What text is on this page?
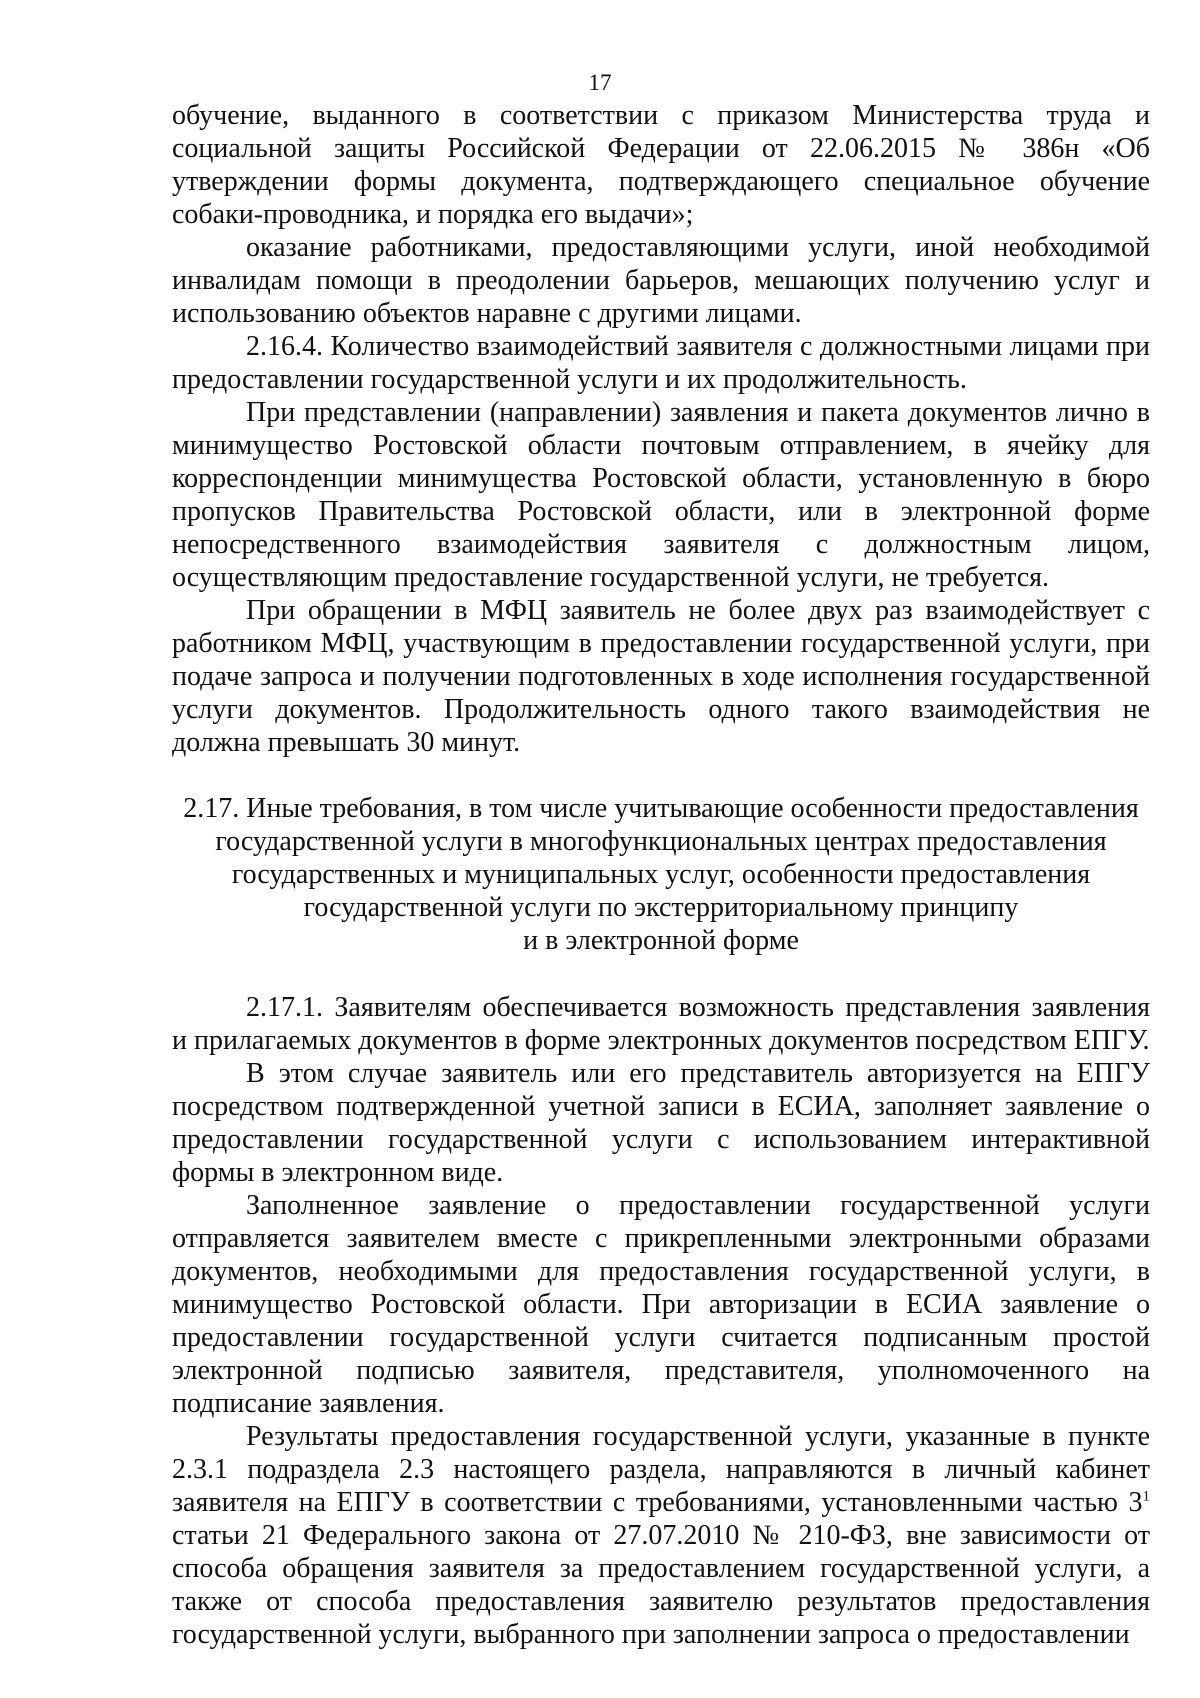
17

обучение, выданного в соответствии с приказом Министерства труда и социальной защиты Российской Федерации от 22.06.2015 № 386н «Об утверждении формы документа, подтверждающего специальное обучение собаки-проводника, и порядка его выдачи»;

оказание работниками, предоставляющими услуги, иной необходимой инвалидам помощи в преодолении барьеров, мешающих получению услуг и использованию объектов наравне с другими лицами.

2.16.4. Количество взаимодействий заявителя с должностными лицами при предоставлении государственной услуги и их продолжительность.

При представлении (направлении) заявления и пакета документов лично в минимущество Ростовской области почтовым отправлением, в ячейку для корреспонденции минимущества Ростовской области, установленную в бюро пропусков Правительства Ростовской области, или в электронной форме непосредственного взаимодействия заявителя с должностным лицом, осуществляющим предоставление государственной услуги, не требуется.

При обращении в МФЦ заявитель не более двух раз взаимодействует с работником МФЦ, участвующим в предоставлении государственной услуги, при подаче запроса и получении подготовленных в ходе исполнения государственной услуги документов. Продолжительность одного такого взаимодействия не должна превышать 30 минут.

2.17. Иные требования, в том числе учитывающие особенности предоставления

государственной услуги в многофункциональных центрах предоставления

государственных и муниципальных услуг, особенности предоставления

государственной услуги по экстерриториальному принципу

и в электронной форме

2.17.1. Заявителям обеспечивается возможность представления заявления и прилагаемых документов в форме электронных документов посредством ЕПГУ.

В этом случае заявитель или его представитель авторизуется на ЕПГУ посредством подтвержденной учетной записи в ЕСИА, заполняет заявление о предоставлении государственной услуги с использованием интерактивной формы в электронном виде.

Заполненное заявление о предоставлении государственной услуги отправляется заявителем вместе с прикрепленными электронными образами документов, необходимыми для предоставления государственной услуги, в минимущество Ростовской области. При авторизации в ЕСИА заявление о предоставлении государственной услуги считается подписанным простой электронной подписью заявителя, представителя, уполномоченного на подписание заявления.

Результаты предоставления государственной услуги, указанные в пункте 2.3.1 подраздела 2.3 настоящего раздела, направляются в личный кабинет заявителя на ЕПГУ в соответствии с требованиями, установленными частью $3^1$ статьи 21 Федерального закона от 27.07.2010 № 210-ФЗ, вне зависимости от способа обращения заявителя за предоставлением государственной услуги, а также от способа предоставления заявителю результатов предоставления государственной услуги, выбранного при заполнении запроса о предоставлении
